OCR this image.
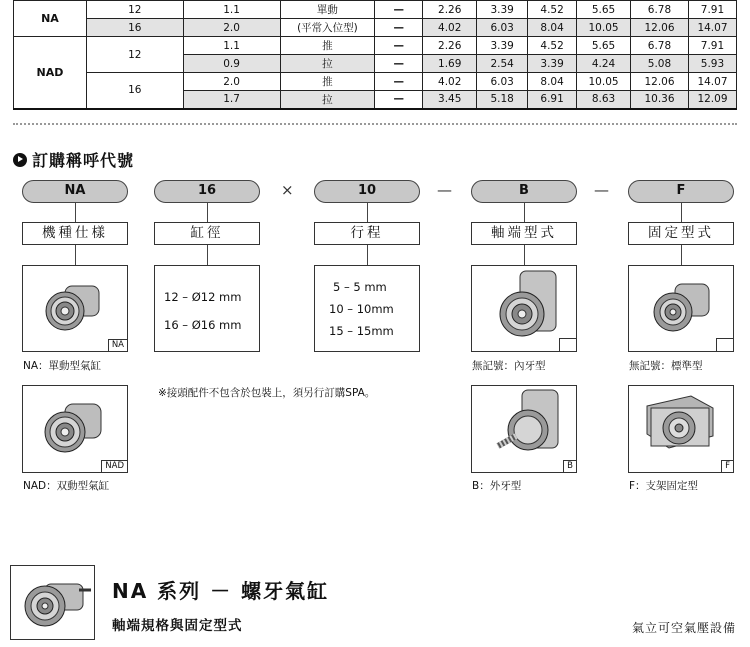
NA	12	1.1	單動	—	2.26	3.39	4.52	5.65	6.78	7.91
	16	2.0	(平常入位型)	—	4.02	6.03	8.04	10.05	12.06	14.07
NAD	12	1.1	推	—	2.26	3.39	4.52	5.65	6.78	7.91
		0.9	拉	—	1.69	2.54	3.39	4.24	5.08	5.93
	16	2.0	推	—	4.02	6.03	8.04	10.05	12.06	14.07
		1.7	拉	—	3.45	5.18	6.91	8.63	10.36	12.09
訂購稱呼代號
NA	16	×	10	—	B	—	F
機種仕樣	缸徑	行程	軸端型式	固定型式
NA
NA：單動型氣缸
NAD
NAD：双動型氣缸
12 – Ø12 mm
16 – Ø16 mm
5 – 5 mm
10 – 10mm
15 – 15mm
※接頭配件不包含於包裝上，須另行訂購SPA。
無記號：內牙型
B
B：外牙型
無記號：標準型
F
F：支架固定型
NA 系列 － 螺牙氣缸
軸端規格與固定型式	氣立可空氣壓設備
